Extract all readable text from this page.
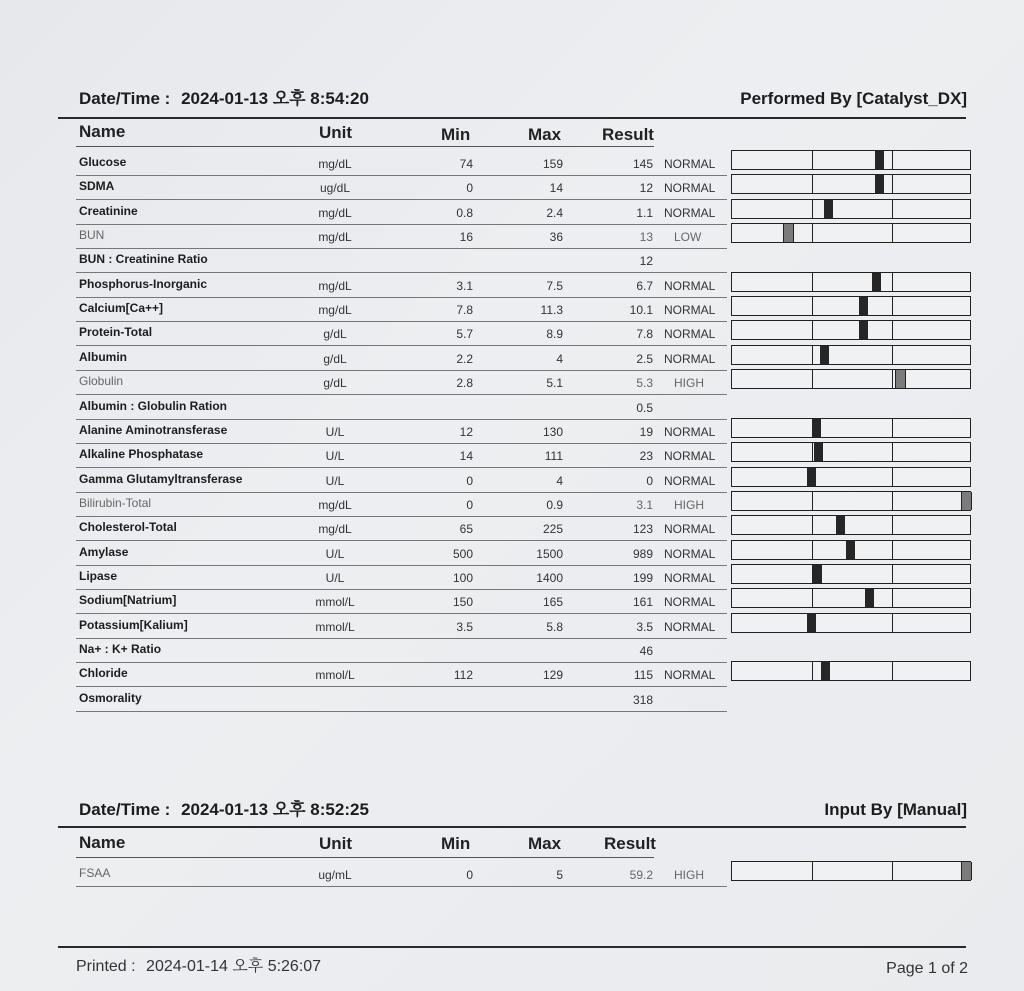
Date/Time : 2024-01-13 오후 8:54:20	Performed By [Catalyst_DX]
Name	Unit	Min	Max Result
Glucose	mg/dL	74	159	145 NORMAL
SDMA	ug/dL	0	14	12 NORMAL
Creatinine	mg/dL	0.8	2.4	1.1 NORMAL
BUN	mg/dL	16	36	13	LOW
BUN : Creatinine Ratio	12
Phosphorus-Inorganic	mg/dL	3.1	7.5	6.7 NORMAL
Calcium[Ca++]	mg/dL	7.8	11.3	10.1 NORMAL
Protein-Total	g/dL	5.7	8.9	7.8 NORMAL
Albumin	g/dL	2.2	4	2.5 NORMAL
Globulin	g/dL	2.8	5.1	5.3	HIGH
Albumin : Globulin Ration	0.5
Alanine Aminotransferase	U/L	12	130	19 NORMAL
Alkaline Phosphatase	U/L	14	111	23 NORMAL
Gamma Glutamyltransferase	U/L	0	4	0 NORMAL
Bilirubin-Total	mg/dL	0	0.9	3.1	HIGH
Cholesterol-Total	mg/dL	65	225	123 NORMAL
Amylase	U/L	500	1500	989 NORMAL
Lipase	U/L	100	1400	199 NORMAL
Sodium[Natrium]	mmol/L	150	165	161 NORMAL
Potassium[Kalium]	mmol/L	3.5	5.8	3.5 NORMAL
Na+ : K+ Ratio	46
Chloride	mmol/L	112	129	115 NORMAL
Osmorality	318
Date/Time : 2024-01-13 오후 8:52:25	Input By [Manual]
Name	Unit	Min	Max	Result
FSAA	ug/mL	0	5	59.2	HIGH
Printed : 2024-01-14 오후 5:26:07	Page 1 of 2
